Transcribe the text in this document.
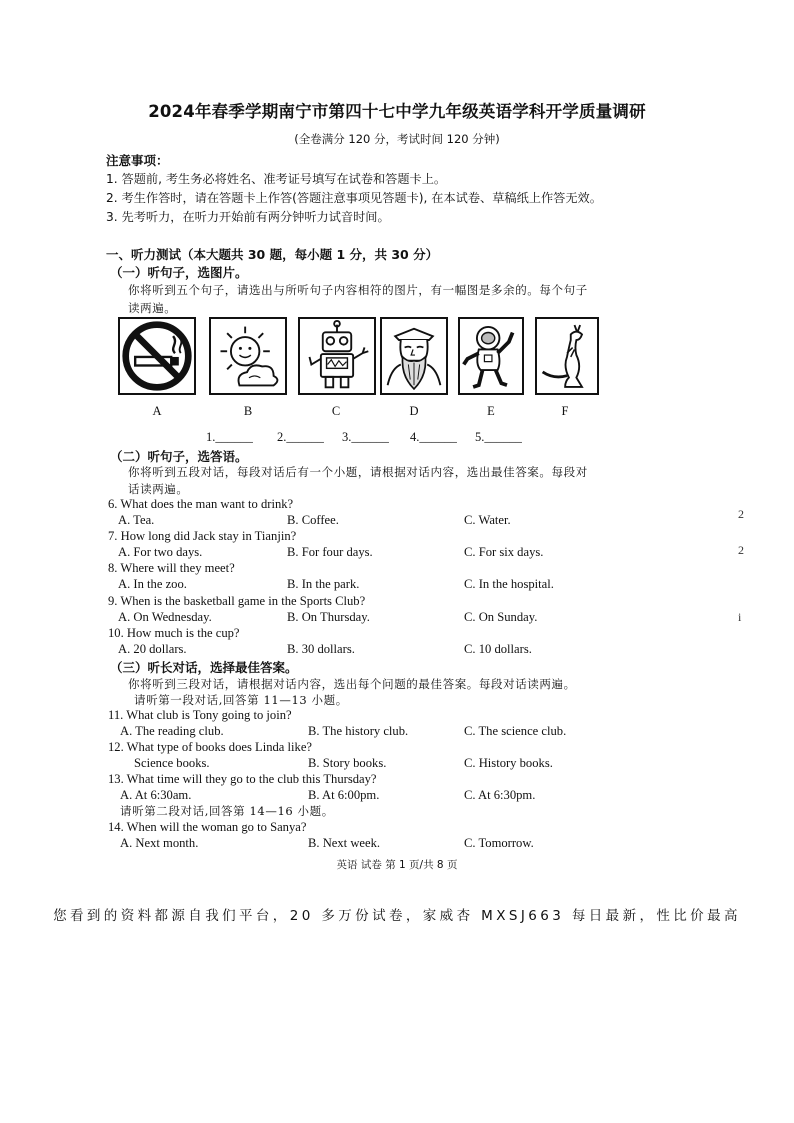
2024年春季学期南宁市第四十七中学九年级英语学科开学质量调研
(全卷满分 120 分，考试时间 120 分钟)
注意事项：
1. 答题前, 考生务必将姓名、准考证号填写在试卷和答题卡上。
2. 考生作答时，请在答题卡上作答(答题注意事项见答题卡), 在本试卷、草稿纸上作答无效。
3. 先考听力，在听力开始前有两分钟听力试音时间。
一、听力测试（本大题共 30 题，每小题 1 分，共 30 分）
（一）听句子，选图片。
你将听到五个句子，请选出与所听句子内容相符的图片，有一幅图是多余的。每个句子
读两遍。
A	B	C	D	E	F
1.______ 2.______ 3.______ 4.______ 5.______
（二）听句子，选答语。
你将听到五段对话，每段对话后有一个小题，请根据对话内容，选出最佳答案。每段对
话读两遍。
6. What does the man want to drink?
A. Tea.	B. Coffee.	C. Water.
7. How long did Jack stay in Tianjin?
A. For two days.	B. For four days.	C. For six days.
8. Where will they meet?
A. In the zoo.	B. In the park.	C. In the hospital.
9. When is the basketball game in the Sports Club?
A. On Wednesday.	B. On Thursday.	C. On Sunday.
10. How much is the cup?
A. 20 dollars.	B. 30 dollars.	C. 10 dollars.
（三）听长对话，选择最佳答案。
你将听到三段对话，请根据对话内容，选出每个问题的最佳答案。每段对话读两遍。
请听第一段对话,回答第 11—13 小题。
11. What club is Tony going to join?
A. The reading club.	B. The history club.	C. The science club.
12. What type of books does Linda like?
Science books.	B. Story books.	C. History books.
13. What time will they go to the club this Thursday?
A. At 6:30am.	B. At 6:00pm.	C. At 6:30pm.
请听第二段对话,回答第 14—16 小题。
14. When will the woman go to Sanya?
A. Next month.	B. Next week.	C. Tomorrow.
英语 试卷 第 1 页/共 8 页
您看到的资料都源自我们平台，20 多万份试卷，家威杏 MXSJ663 每日最新，性比价最高
2
2
i
